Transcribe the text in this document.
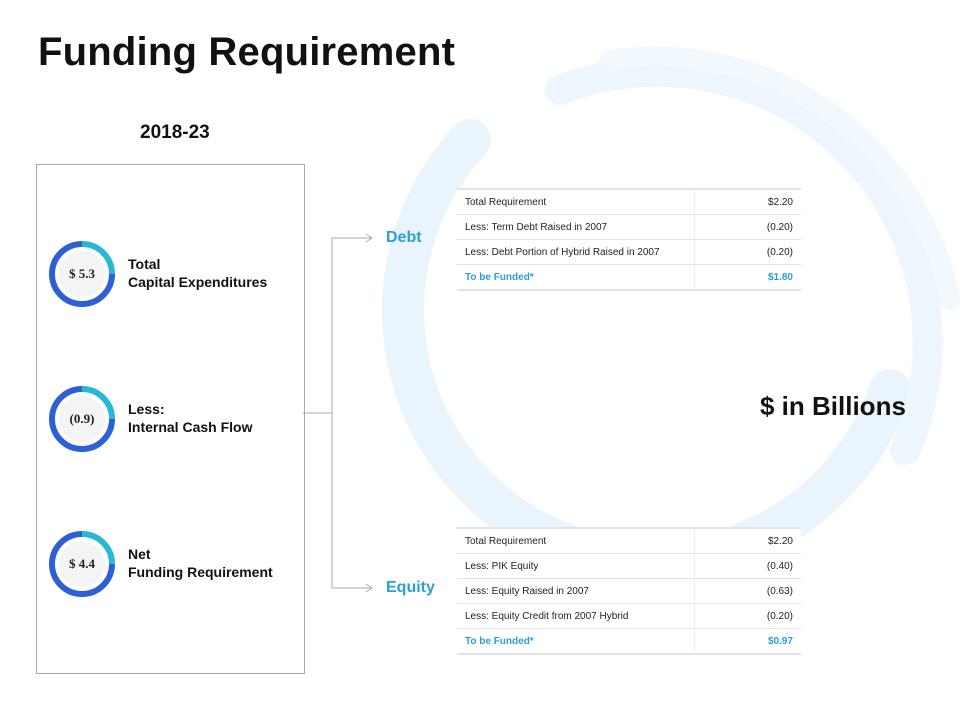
Funding Requirement
2018-23
$ 5.3
Total
Capital Expenditures
(0.9)
Less:
Internal Cash Flow
$ 4.4
Net
Funding Requirement
Debt
Equity
Total Requirement	$2.20
Less: Term Debt Raised in 2007	(0.20)
Less: Debt Portion of Hybrid Raised in 2007	(0.20)
To be Funded*	$1.80
Total Requirement	$2.20
Less: PIK Equity	(0.40)
Less: Equity Raised in 2007	(0.63)
Less: Equity Credit from 2007 Hybrid	(0.20)
To be Funded*	$0.97
$ in Billions
